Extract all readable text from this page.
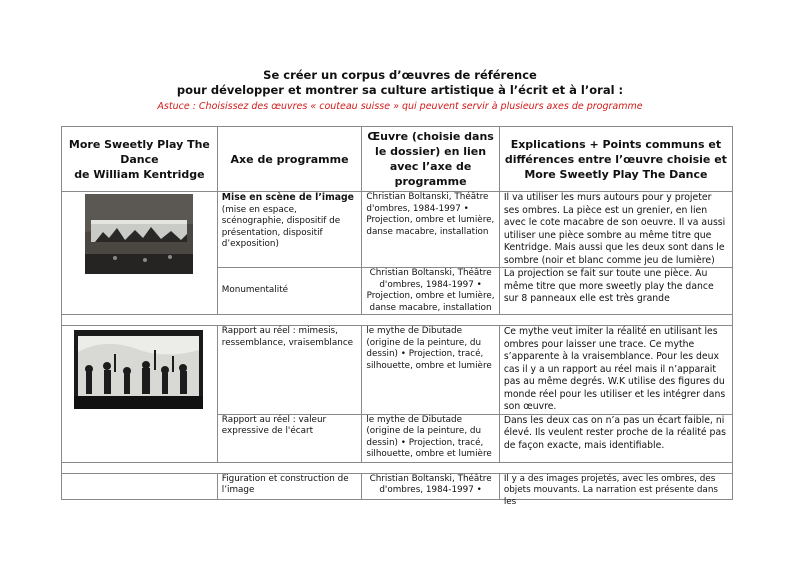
Se créer un corpus d’œuvres de référence
pour développer et montrer sa culture artistique à l’écrit et à l’oral :
Astuce : Choisissez des œuvres « couteau suisse » qui peuvent servir à plusieurs axes de programme
More Sweetly Play The
Dance
de William Kentridge	Axe de programme	Œuvre (choisie dans le dossier) en lien avec l’axe de programme	Explications + Points communs et différences entre l’œuvre choisie et More Sweetly Play The Dance

Mise en scène de l’image
(mise en espace, scénographie, dispositif de présentation, dispositif d’exposition)	Christian Boltanski, Théâtre d'ombres, 1984-1997 • Projection, ombre et lumière, danse macabre, installation	Il va utiliser les murs autours pour y projeter ses ombres. La pièce est un grenier, en lien avec le cote macabre de son oeuvre. Il va aussi utiliser une pièce sombre au même titre que Kentridge. Mais aussi que les deux sont dans le sombre (noir et blanc comme jeu de lumière)
	Monumentalité	Christian Boltanski, Théâtre d'ombres, 1984-1997 • Projection, ombre et lumière, danse macabre, installation	La projection se fait sur toute une pièce. Au même titre que more sweetly play the dance sur 8 panneaux elle est très grande

	Rapport au réel : mimesis, ressemblance, vraisemblance	le mythe de Dibutade (origine de la peinture, du dessin) • Projection, tracé, silhouette, ombre et lumière	Ce mythe veut imiter la réalité en utilisant les ombres pour laisser une trace. Ce mythe s’apparente à la vraisemblance. Pour les deux cas il y a un rapport au réel mais il n’apparait pas au même degrés. W.K utilise des figures du monde réel pour les utiliser et les intégrer dans son œuvre.
	Rapport au réel : valeur expressive de l'écart	le mythe de Dibutade (origine de la peinture, du dessin) • Projection, tracé, silhouette, ombre et lumière	Dans les deux cas on n’a pas un écart faible, ni élevé. Ils veulent rester proche de la réalité pas de façon exacte, mais identifiable.

	Figuration et construction de l’image	Christian Boltanski, Théâtre d'ombres, 1984-1997 •	Il y a des images projetés, avec les ombres, des objets mouvants. La narration est présente dans les
